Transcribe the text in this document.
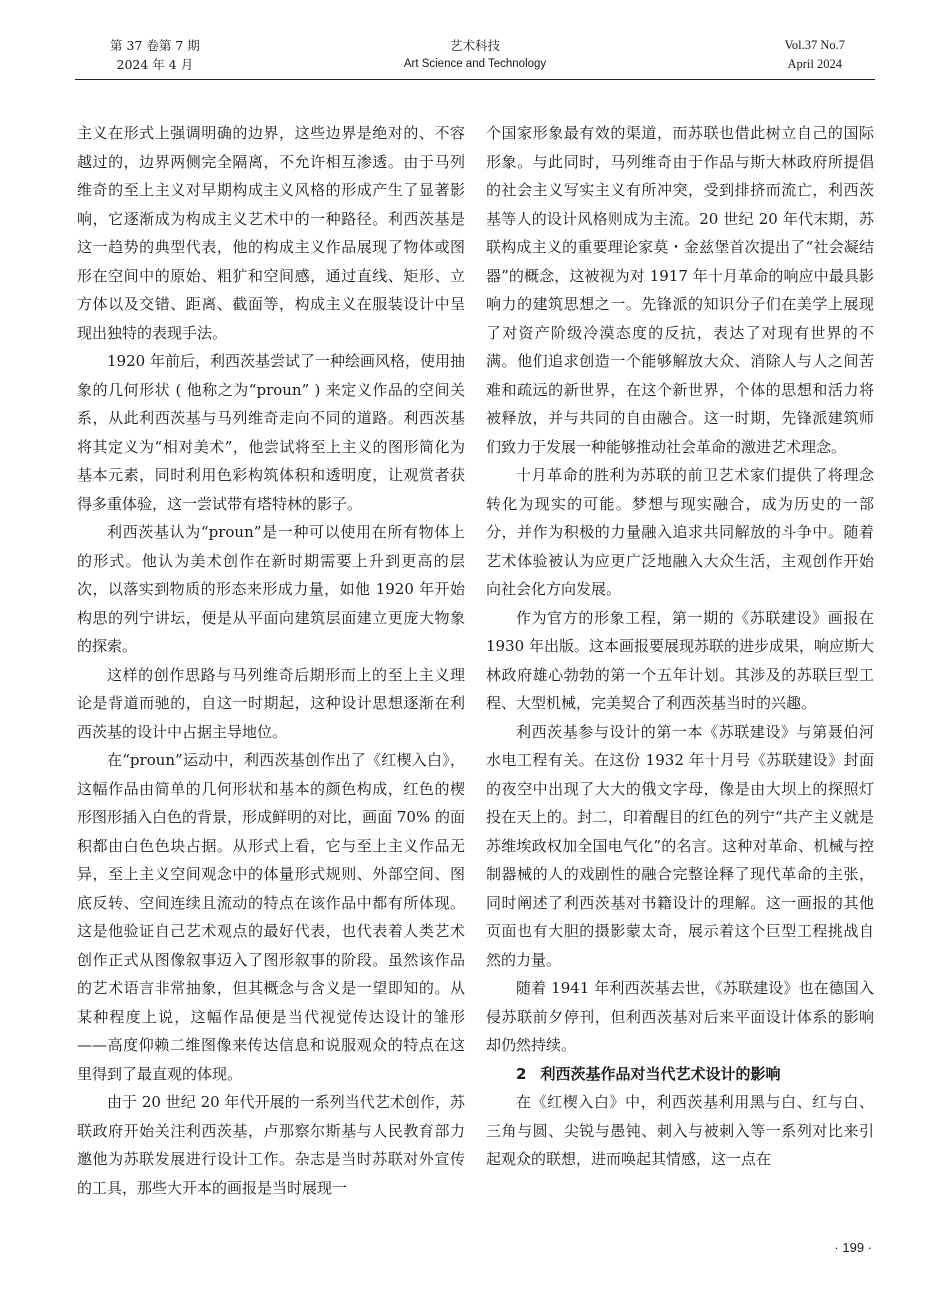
第 37 卷第 7 期
2024 年 4 月
艺术科技
Art Science and Technology
Vol.37 No.7
April 2024

主义在形式上强调明确的边界，这些边界是绝对的、不容越过的，边界两侧完全隔离，不允许相互渗透。由于马列维奇的至上主义对早期构成主义风格的形成产生了显著影响，它逐渐成为构成主义艺术中的一种路径。利西茨基是这一趋势的典型代表，他的构成主义作品展现了物体或图形在空间中的原始、粗犷和空间感，通过直线、矩形、立方体以及交错、距离、截面等，构成主义在服装设计中呈现出独特的表现手法。

1920 年前后，利西茨基尝试了一种绘画风格，使用抽象的几何形状 ( 他称之为“proun” ) 来定义作品的空间关系，从此利西茨基与马列维奇走向不同的道路。利西茨基将其定义为“相对美术”，他尝试将至上主义的图形简化为基本元素，同时利用色彩构筑体积和透明度，让观赏者获得多重体验，这一尝试带有塔特林的影子。

利西茨基认为“proun”是一种可以使用在所有物体上的形式。他认为美术创作在新时期需要上升到更高的层次，以落实到物质的形态来形成力量，如他 1920 年开始构思的列宁讲坛，便是从平面向建筑层面建立更庞大物象的探索。

这样的创作思路与马列维奇后期形而上的至上主义理论是背道而驰的，自这一时期起，这种设计思想逐渐在利西茨基的设计中占据主导地位。

在“proun”运动中，利西茨基创作出了《红楔入白》，这幅作品由简单的几何形状和基本的颜色构成，红色的楔形图形插入白色的背景，形成鲜明的对比，画面 70% 的面积都由白色色块占据。从形式上看，它与至上主义作品无异，至上主义空间观念中的体量形式规则、外部空间、图底反转、空间连续且流动的特点在该作品中都有所体现。这是他验证自己艺术观点的最好代表，也代表着人类艺术创作正式从图像叙事迈入了图形叙事的阶段。虽然该作品的艺术语言非常抽象，但其概念与含义是一望即知的。从某种程度上说，这幅作品便是当代视觉传达设计的雏形——高度仰赖二维图像来传达信息和说服观众的特点在这里得到了最直观的体现。

由于 20 世纪 20 年代开展的一系列当代艺术创作，苏联政府开始关注利西茨基，卢那察尔斯基与人民教育部力邀他为苏联发展进行设计工作。杂志是当时苏联对外宣传的工具，那些大开本的画报是当时展现一

个国家形象最有效的渠道，而苏联也借此树立自己的国际形象。与此同时，马列维奇由于作品与斯大林政府所提倡的社会主义写实主义有所冲突，受到排挤而流亡，利西茨基等人的设计风格则成为主流。20 世纪 20 年代末期，苏联构成主义的重要理论家莫・金兹堡首次提出了“社会凝结器”的概念，这被视为对 1917 年十月革命的响应中最具影响力的建筑思想之一。先锋派的知识分子们在美学上展现了对资产阶级冷漠态度的反抗，表达了对现有世界的不满。他们追求创造一个能够解放大众、消除人与人之间苦难和疏远的新世界，在这个新世界，个体的思想和活力将被释放，并与共同的自由融合。这一时期，先锋派建筑师们致力于发展一种能够推动社会革命的激进艺术理念。

十月革命的胜利为苏联的前卫艺术家们提供了将理念转化为现实的可能。梦想与现实融合，成为历史的一部分，并作为积极的力量融入追求共同解放的斗争中。随着艺术体验被认为应更广泛地融入大众生活，主观创作开始向社会化方向发展。

作为官方的形象工程，第一期的《苏联建设》画报在 1930 年出版。这本画报要展现苏联的进步成果，响应斯大林政府雄心勃勃的第一个五年计划。其涉及的苏联巨型工程、大型机械，完美契合了利西茨基当时的兴趣。

利西茨基参与设计的第一本《苏联建设》与第聂伯河水电工程有关。在这份 1932 年十月号《苏联建设》封面的夜空中出现了大大的俄文字母，像是由大坝上的探照灯投在天上的。封二，印着醒目的红色的列宁“共产主义就是苏维埃政权加全国电气化”的名言。这种对革命、机械与控制器械的人的戏剧性的融合完整诠释了现代革命的主张，同时阐述了利西茨基对书籍设计的理解。这一画报的其他页面也有大胆的摄影蒙太奇，展示着这个巨型工程挑战自然的力量。

随着 1941 年利西茨基去世，《苏联建设》也在德国入侵苏联前夕停刊，但利西茨基对后来平面设计体系的影响却仍然持续。

2 利西茨基作品对当代艺术设计的影响

在《红楔入白》中，利西茨基利用黑与白、红与白、三角与圆、尖锐与愚钝、刺入与被刺入等一系列对比来引起观众的联想，进而唤起其情感，这一点在

· 199 ·
